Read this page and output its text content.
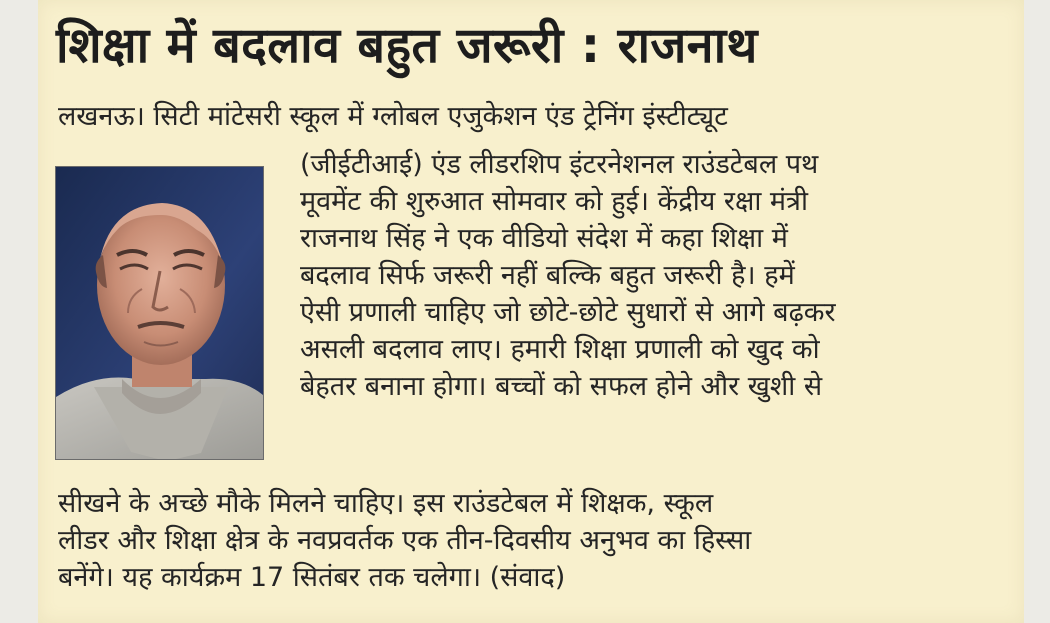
शिक्षा में बदलाव बहुत जरूरी : राजनाथ
लखनऊ। सिटी मांटेसरी स्कूल में ग्लोबल एजुकेशन एंड ट्रेनिंग इंस्टीट्यूट
(जीईटीआई) एंड लीडरशिप इंटरनेशनल राउंडटेबल पथ
मूवमेंट की शुरुआत सोमवार को हुई। केंद्रीय रक्षा मंत्री
राजनाथ सिंह ने एक वीडियो संदेश में कहा शिक्षा में
बदलाव सिर्फ जरूरी नहीं बल्कि बहुत जरूरी है। हमें
ऐसी प्रणाली चाहिए जो छोटे-छोटे सुधारों से आगे बढ़कर
असली बदलाव लाए। हमारी शिक्षा प्रणाली को खुद को
बेहतर बनाना होगा। बच्चों को सफल होने और खुशी से
सीखने के अच्छे मौके मिलने चाहिए। इस राउंडटेबल में शिक्षक, स्कूल
लीडर और शिक्षा क्षेत्र के नवप्रवर्तक एक तीन-दिवसीय अनुभव का हिस्सा
बनेंगे। यह कार्यक्रम 17 सितंबर तक चलेगा। (संवाद)
